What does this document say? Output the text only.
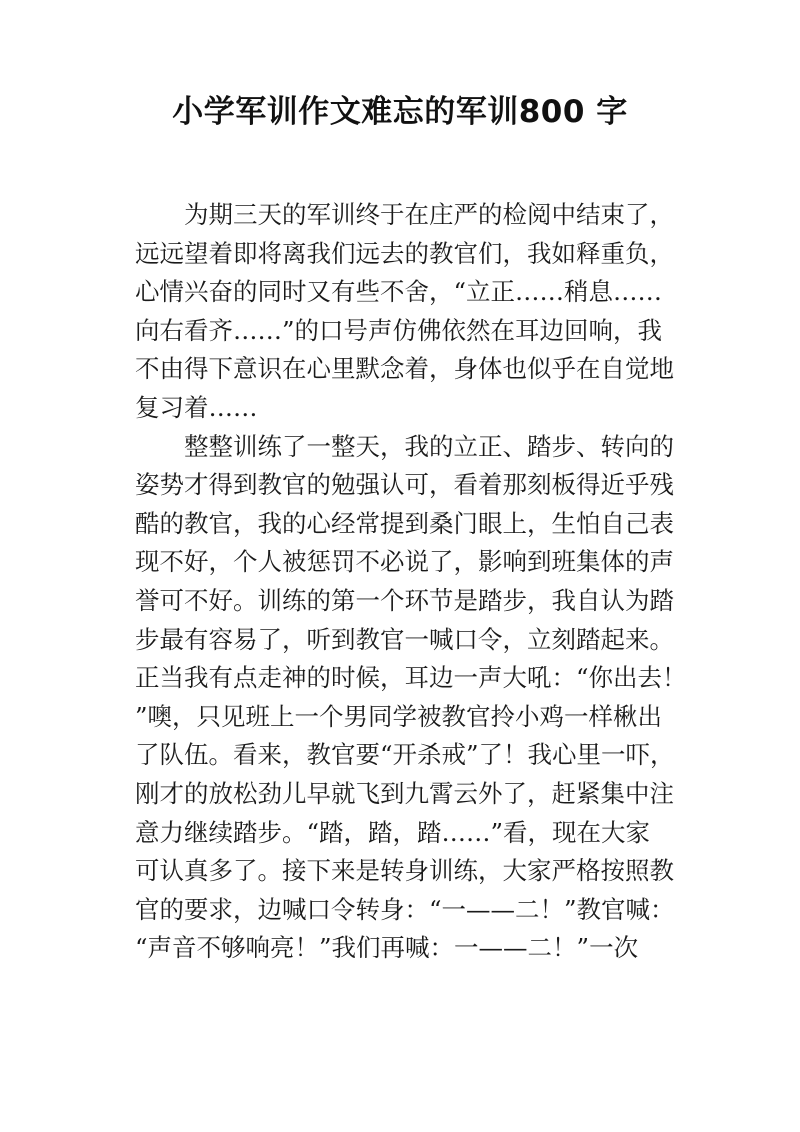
小学军训作文难忘的军训800 字
　　为期三天的军训终于在庄严的检阅中结束了，
远远望着即将离我们远去的教官们，我如释重负，
心情兴奋的同时又有些不舍，“立正……稍息……
向右看齐……”的口号声仿佛依然在耳边回响，我
不由得下意识在心里默念着，身体也似乎在自觉地
复习着……
　　整整训练了一整天，我的立正、踏步、转向的
姿势才得到教官的勉强认可，看着那刻板得近乎残
酷的教官，我的心经常提到桑门眼上，生怕自己表
现不好，个人被惩罚不必说了，影响到班集体的声
誉可不好。训练的第一个环节是踏步，我自认为踏
步最有容易了，听到教官一喊口令，立刻踏起来。
正当我有点走神的时候，耳边一声大吼：“你出去！
”噢，只见班上一个男同学被教官拎小鸡一样楸出
了队伍。看来，教官要“开杀戒”了！我心里一吓，
刚才的放松劲儿早就飞到九霄云外了，赶紧集中注
意力继续踏步。“踏，踏，踏……”看，现在大家
可认真多了。接下来是转身训练，大家严格按照教
官的要求，边喊口令转身：“一——二！”教官喊：
“声音不够响亮！”我们再喊：一——二！”一次
